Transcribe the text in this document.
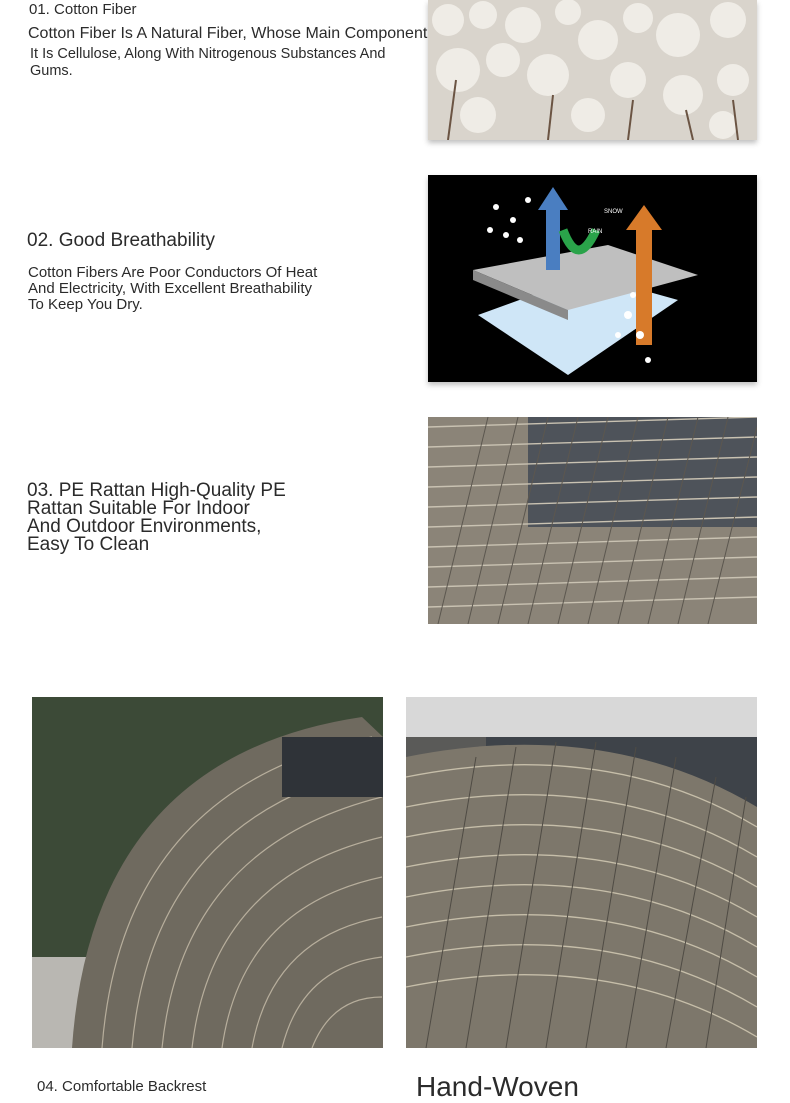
01. Cotton Fiber
Cotton Fiber Is A Natural Fiber, Whose Main Component
It Is Cellulose, Along With Nitrogenous Substances And Gums.
02. Good Breathability
Cotton Fibers Are Poor Conductors Of Heat And Electricity, With Excellent Breathability To Keep You Dry.
SNOW
RAIN
03. PE Rattan High-Quality PE Rattan Suitable For Indoor And Outdoor Environments, Easy To Clean
04. Comfortable Backrest	Hand-Woven
